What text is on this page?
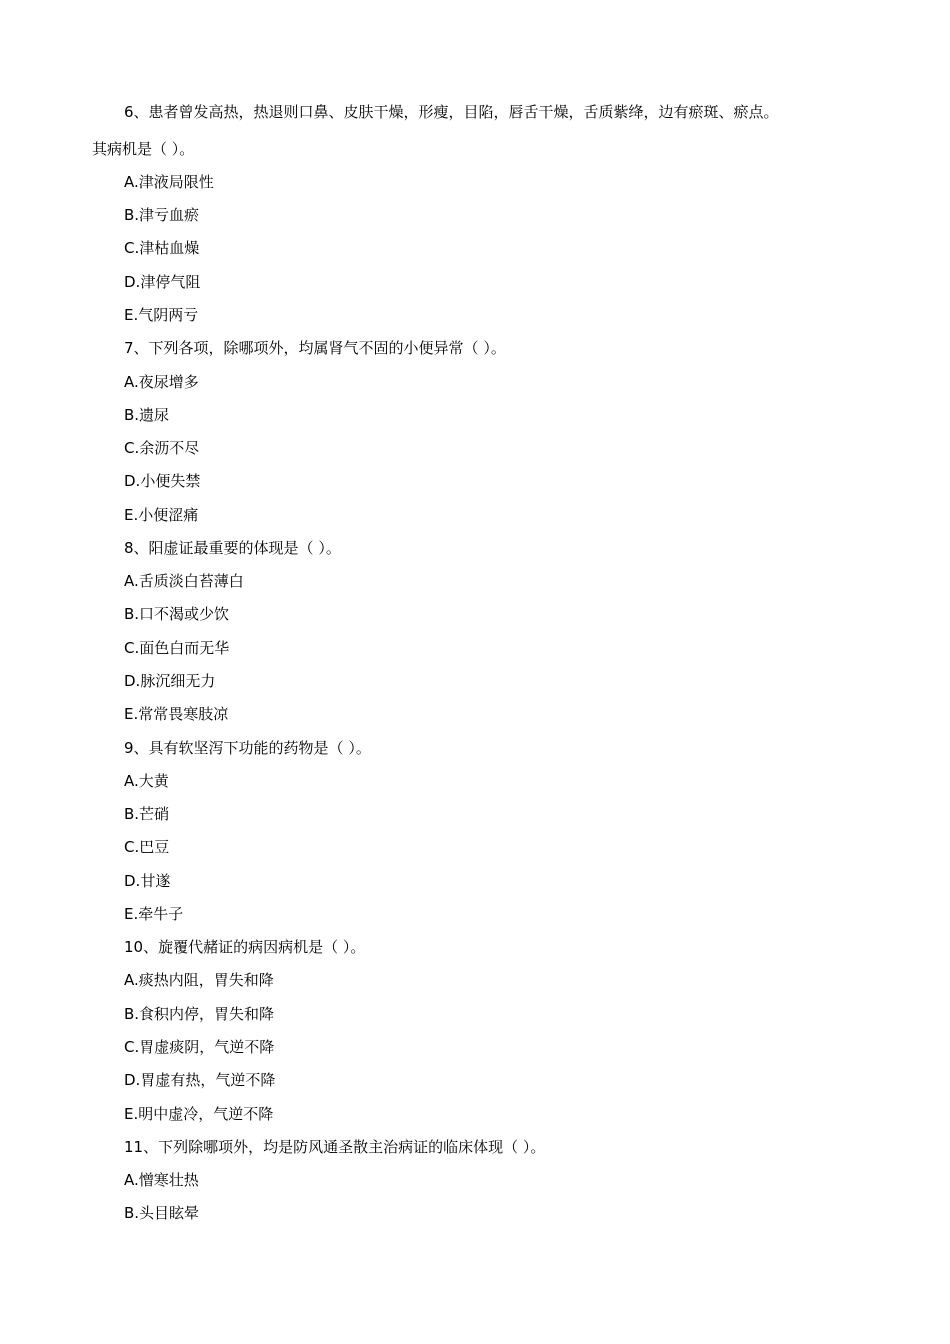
6、患者曾发高热，热退则口鼻、皮肤干燥，形瘦，目陷，唇舌干燥，舌质紫绛，边有瘀斑、瘀点。
其病机是（ ）。
A.津液局限性
B.津亏血瘀
C.津枯血燥
D.津停气阻
E.气阴两亏
7、下列各项，除哪项外，均属肾气不固的小便异常（ ）。
A.夜尿增多
B.遗尿
C.余沥不尽
D.小便失禁
E.小便涩痛
8、阳虚证最重要的体现是（ ）。
A.舌质淡白苔薄白
B.口不渴或少饮
C.面色白而无华
D.脉沉细无力
E.常常畏寒肢凉
9、具有软坚泻下功能的药物是（ ）。
A.大黄
B.芒硝
C.巴豆
D.甘遂
E.牵牛子
10、旋覆代赭证的病因病机是（ ）。
A.痰热内阻，胃失和降
B.食积内停，胃失和降
C.胃虚痰阴，气逆不降
D.胃虚有热，气逆不降
E.明中虚冷，气逆不降
11、下列除哪项外，均是防风通圣散主治病证的临床体现（ ）。
A.憎寒壮热
B.头目眩晕
